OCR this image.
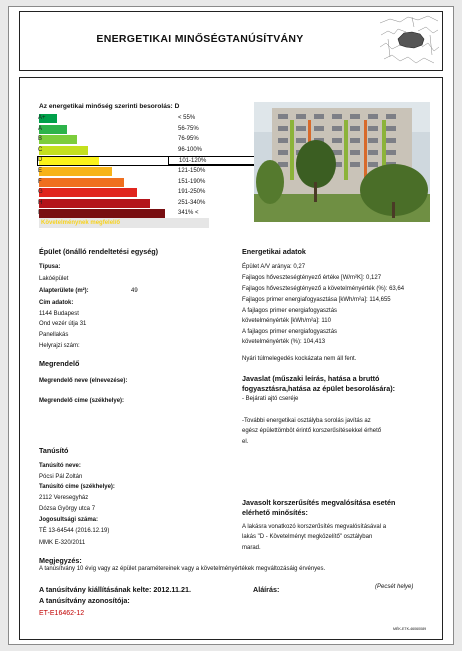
ENERGETIKAI MINŐSÉGTANÚSÍTVÁNY
Az energetikai minőség szerinti besorolás: D
A+	< 55%
A	56-75%
B	76-95%
C	96-100%
D	101-120%
E	121-150%
F	151-190%
G	191-250%
H	251-340%
I	341% <
Követelménynek megfelel/ő
Épület (önálló rendeltetési egység)
Típusa:
Lakóépület
Alapterülete (m²):	49
Cím adatok:
1144 Budapest
Ond vezér útja 31
Panellakás
Helyrajzi szám:
Energetikai adatok
Épület A/V aránya: 0,27
Fajlagos hőveszteségtényező értéke [W/m²K]: 0,127
Fajlagos hőveszteségtényező a követelményérték (%): 63,64
Fajlagos primer energiafogyasztása [kWh/m²a]: 114,655
A fajlagos primer energiafogyasztás
követelményérték [kWh/m²a]: 110
A fajlagos primer energiafogyasztás
követelményérték (%): 104,413
Nyári túlmelegedés kockázata nem áll fent.
Megrendelő
Megrendelő neve (elnevezése):
Megrendelő címe (székhelye):
Javaslat (műszaki leírás, hatása a bruttó
fogyasztásra,hatása az épület besorolására):
- Bejárati ajtó cseréje
-További energetikai osztályba sorolás javítás az
egész épülettömböt érintő korszerűsítésekkel érhető
el.
Tanúsító
Tanúsító neve:
Pócsi Pál Zoltán
Tanúsító címe (székhelye):
2112 Veresegyház
Dózsa György utca 7
Jogosultsági száma:
TÉ 13-64544 (2016.12.19)
MMK E-320/2011
Javasolt korszerűsítés megvalósítása esetén
elérhető minősítés:
A lakásra vonatkozó korszerűsítés megvalósításával a
lakás "D - Követelményt megközelítő" osztályban
marad.
Megjegyzés:
A tanúsítvány 10 évig vagy az épület paramétereinek vagy a követelményértékek megváltozásáig érvényes.
A tanúsítvány kiállításának kelte: 2012.11.21.	Aláírás:	(Pecsét helye)
A tanúsítvány azonosítója:
ET-E16462-12
MÉK-ETK-46060089
